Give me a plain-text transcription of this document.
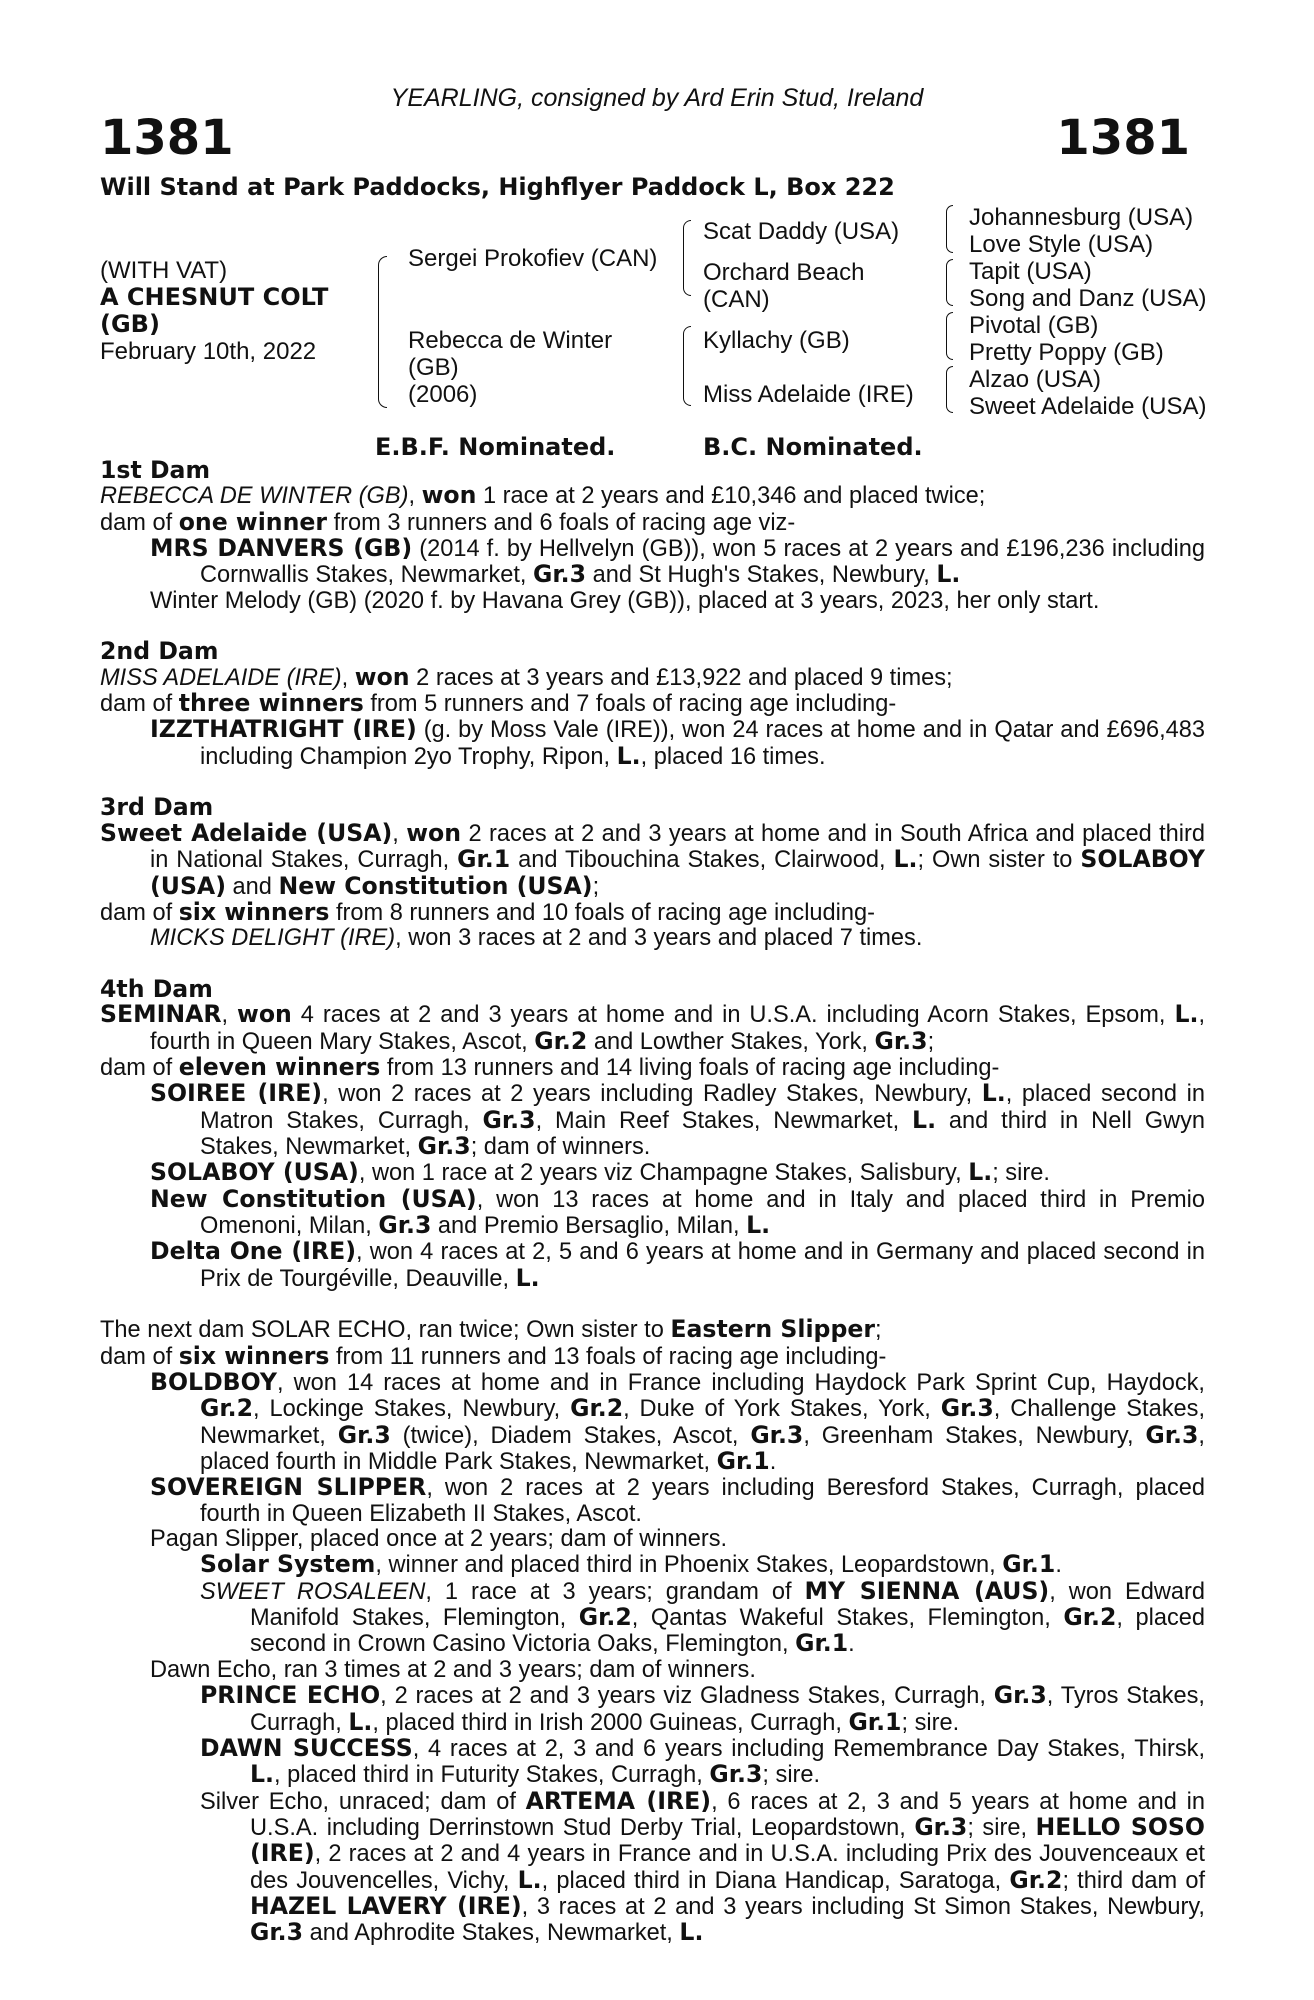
YEARLING, consigned by Ard Erin Stud, Ireland
1381	1381
Will Stand at Park Paddocks, Highflyer Paddock L, Box 222
(WITH VAT)
A CHESNUT COLT
(GB)
February 10th, 2022
Sergei Prokofiev (CAN)
Rebecca de Winter
(GB)
(2006)
Scat Daddy (USA)
Orchard Beach
(CAN)
Kyllachy (GB)
Miss Adelaide (IRE)
Johannesburg (USA)
Love Style (USA)
Tapit (USA)
Song and Danz (USA)
Pivotal (GB)
Pretty Poppy (GB)
Alzao (USA)
Sweet Adelaide (USA)
E.B.F. Nominated.	B.C. Nominated.
1st Dam
REBECCA DE WINTER (GB), won 1 race at 2 years and £10,346 and placed twice;
dam of one winner from 3 runners and 6 foals of racing age viz-
MRS DANVERS (GB) (2014 f. by Hellvelyn (GB)), won 5 races at 2 years and £196,236 including Cornwallis Stakes, Newmarket, Gr.3 and St Hugh's Stakes, Newbury, L.
Winter Melody (GB) (2020 f. by Havana Grey (GB)), placed at 3 years, 2023, her only start.
2nd Dam
MISS ADELAIDE (IRE), won 2 races at 3 years and £13,922 and placed 9 times;
dam of three winners from 5 runners and 7 foals of racing age including-
IZZTHATRIGHT (IRE) (g. by Moss Vale (IRE)), won 24 races at home and in Qatar and £696,483 including Champion 2yo Trophy, Ripon, L., placed 16 times.
3rd Dam
Sweet Adelaide (USA), won 2 races at 2 and 3 years at home and in South Africa and placed third in National Stakes, Curragh, Gr.1 and Tibouchina Stakes, Clairwood, L.; Own sister to SOLABOY (USA) and New Constitution (USA);
dam of six winners from 8 runners and 10 foals of racing age including-
MICKS DELIGHT (IRE), won 3 races at 2 and 3 years and placed 7 times.
4th Dam
SEMINAR, won 4 races at 2 and 3 years at home and in U.S.A. including Acorn Stakes, Epsom, L., fourth in Queen Mary Stakes, Ascot, Gr.2 and Lowther Stakes, York, Gr.3;
dam of eleven winners from 13 runners and 14 living foals of racing age including-
SOIREE (IRE), won 2 races at 2 years including Radley Stakes, Newbury, L., placed second in Matron Stakes, Curragh, Gr.3, Main Reef Stakes, Newmarket, L. and third in Nell Gwyn Stakes, Newmarket, Gr.3; dam of winners.
SOLABOY (USA), won 1 race at 2 years viz Champagne Stakes, Salisbury, L.; sire.
New Constitution (USA), won 13 races at home and in Italy and placed third in Premio Omenoni, Milan, Gr.3 and Premio Bersaglio, Milan, L.
Delta One (IRE), won 4 races at 2, 5 and 6 years at home and in Germany and placed second in Prix de Tourgéville, Deauville, L.
The next dam SOLAR ECHO, ran twice; Own sister to Eastern Slipper;
dam of six winners from 11 runners and 13 foals of racing age including-
BOLDBOY, won 14 races at home and in France including Haydock Park Sprint Cup, Haydock, Gr.2, Lockinge Stakes, Newbury, Gr.2, Duke of York Stakes, York, Gr.3, Challenge Stakes, Newmarket, Gr.3 (twice), Diadem Stakes, Ascot, Gr.3, Greenham Stakes, Newbury, Gr.3, placed fourth in Middle Park Stakes, Newmarket, Gr.1.
SOVEREIGN SLIPPER, won 2 races at 2 years including Beresford Stakes, Curragh, placed fourth in Queen Elizabeth II Stakes, Ascot.
Pagan Slipper, placed once at 2 years; dam of winners.
Solar System, winner and placed third in Phoenix Stakes, Leopardstown, Gr.1.
SWEET ROSALEEN, 1 race at 3 years; grandam of MY SIENNA (AUS), won Edward Manifold Stakes, Flemington, Gr.2, Qantas Wakeful Stakes, Flemington, Gr.2, placed second in Crown Casino Victoria Oaks, Flemington, Gr.1.
Dawn Echo, ran 3 times at 2 and 3 years; dam of winners.
PRINCE ECHO, 2 races at 2 and 3 years viz Gladness Stakes, Curragh, Gr.3, Tyros Stakes, Curragh, L., placed third in Irish 2000 Guineas, Curragh, Gr.1; sire.
DAWN SUCCESS, 4 races at 2, 3 and 6 years including Remembrance Day Stakes, Thirsk, L., placed third in Futurity Stakes, Curragh, Gr.3; sire.
Silver Echo, unraced; dam of ARTEMA (IRE), 6 races at 2, 3 and 5 years at home and in U.S.A. including Derrinstown Stud Derby Trial, Leopardstown, Gr.3; sire, HELLO SOSO (IRE), 2 races at 2 and 4 years in France and in U.S.A. including Prix des Jouvenceaux et des Jouvencelles, Vichy, L., placed third in Diana Handicap, Saratoga, Gr.2; third dam of HAZEL LAVERY (IRE), 3 races at 2 and 3 years including St Simon Stakes, Newbury, Gr.3 and Aphrodite Stakes, Newmarket, L.
